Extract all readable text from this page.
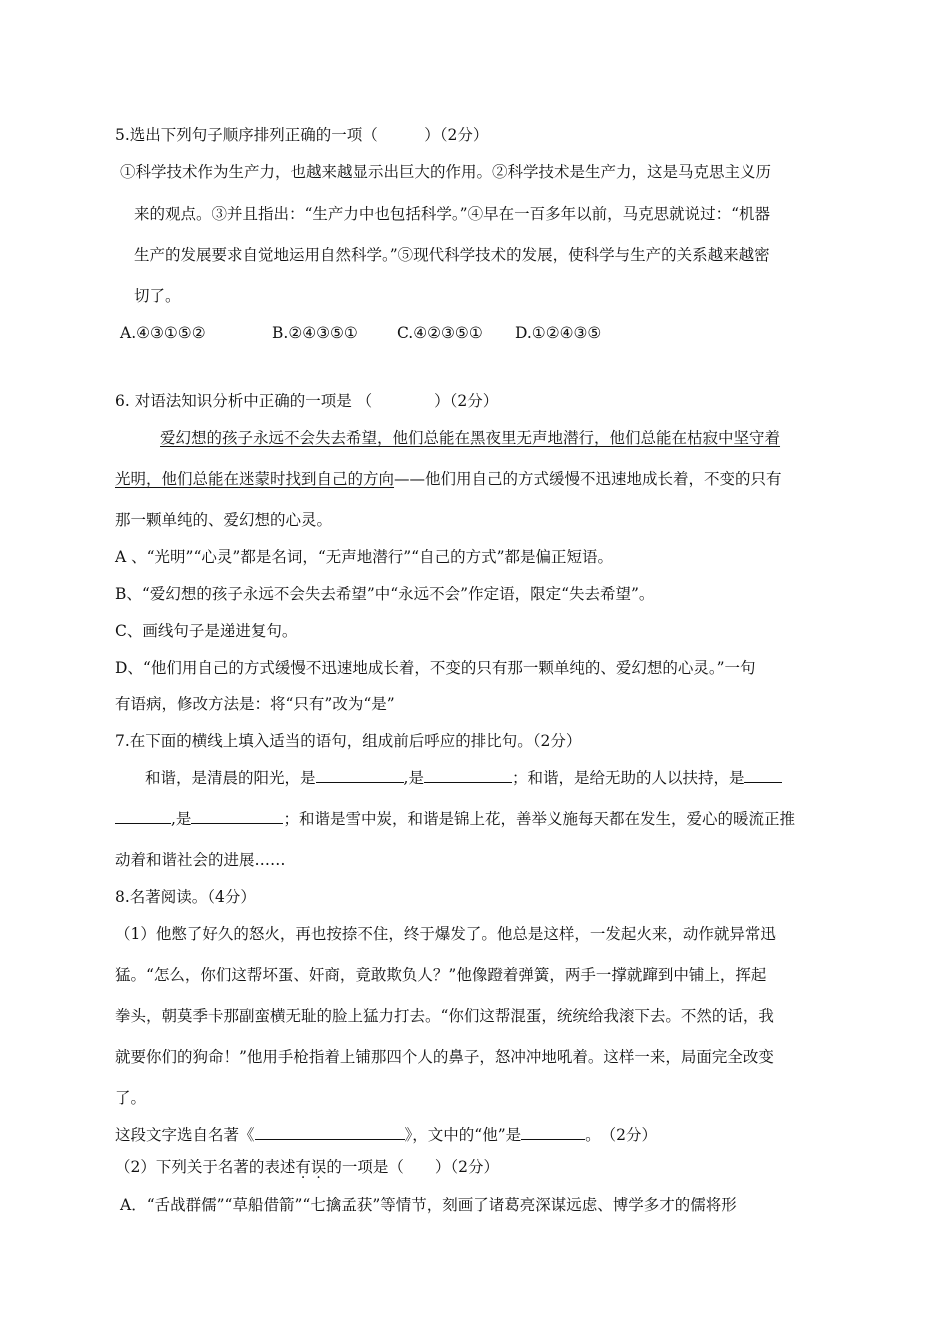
5.选出下列句子顺序排列正确的一项（　　　）（2分）
①科学技术作为生产力，也越来越显示出巨大的作用。②科学技术是生产力，这是马克思主义历
来的观点。③并且指出：“生产力中也包括科学。”④早在一百多年以前，马克思就说过：“机器
生产的发展要求自觉地运用自然科学。”⑤现代科学技术的发展，使科学与生产的关系越来越密
切了。
A.④③①⑤②	B.②④③⑤①	C.④②③⑤① D.①②④③⑤
6. 对语法知识分析中正确的一项是 （　　　　）（2分）
爱幻想的孩子永远不会失去希望，他们总能在黑夜里无声地潜行，他们总能在枯寂中坚守着
光明，他们总能在迷蒙时找到自己的方向——他们用自己的方式缓慢不迅速地成长着，不变的只有
那一颗单纯的、爱幻想的心灵。
A 、“光明”“心灵”都是名词，“无声地潜行”“自己的方式”都是偏正短语。
B、“爱幻想的孩子永远不会失去希望”中“永远不会”作定语，限定“失去希望”。
C、画线句子是递进复句。
D、“他们用自己的方式缓慢不迅速地成长着，不变的只有那一颗单纯的、爱幻想的心灵。”一句
有语病，修改方法是：将“只有”改为“是”
7.在下面的横线上填入适当的语句，组成前后呼应的排比句。（2分）
和谐，是清晨的阳光，是	,是	；和谐，是给无助的人以扶持，是
,是	；和谐是雪中炭，和谐是锦上花，善举义施每天都在发生，爱心的暖流正推
动着和谐社会的进展……
8.名著阅读。（4分）
（1）他憋了好久的怒火，再也按捺不住，终于爆发了。他总是这样，一发起火来，动作就异常迅
猛。“怎么，你们这帮坏蛋、奸商，竟敢欺负人？”他像蹬着弹簧，两手一撑就蹿到中铺上，挥起
拳头，朝莫季卡那副蛮横无耻的脸上猛力打去。“你们这帮混蛋，统统给我滚下去。不然的话，我
就要你们的狗命！”他用手枪指着上铺那四个人的鼻子，怒冲冲地吼着。这样一来，局面完全改变
了。
这段文字选自名著《	》，文中的“他”是	。　（2分）
（2）下列关于名著的表述有误的一项是（　　）（2分）
A．“舌战群儒”“草船借箭”“七擒孟获”等情节，刻画了诸葛亮深谋远虑、博学多才的儒将形
